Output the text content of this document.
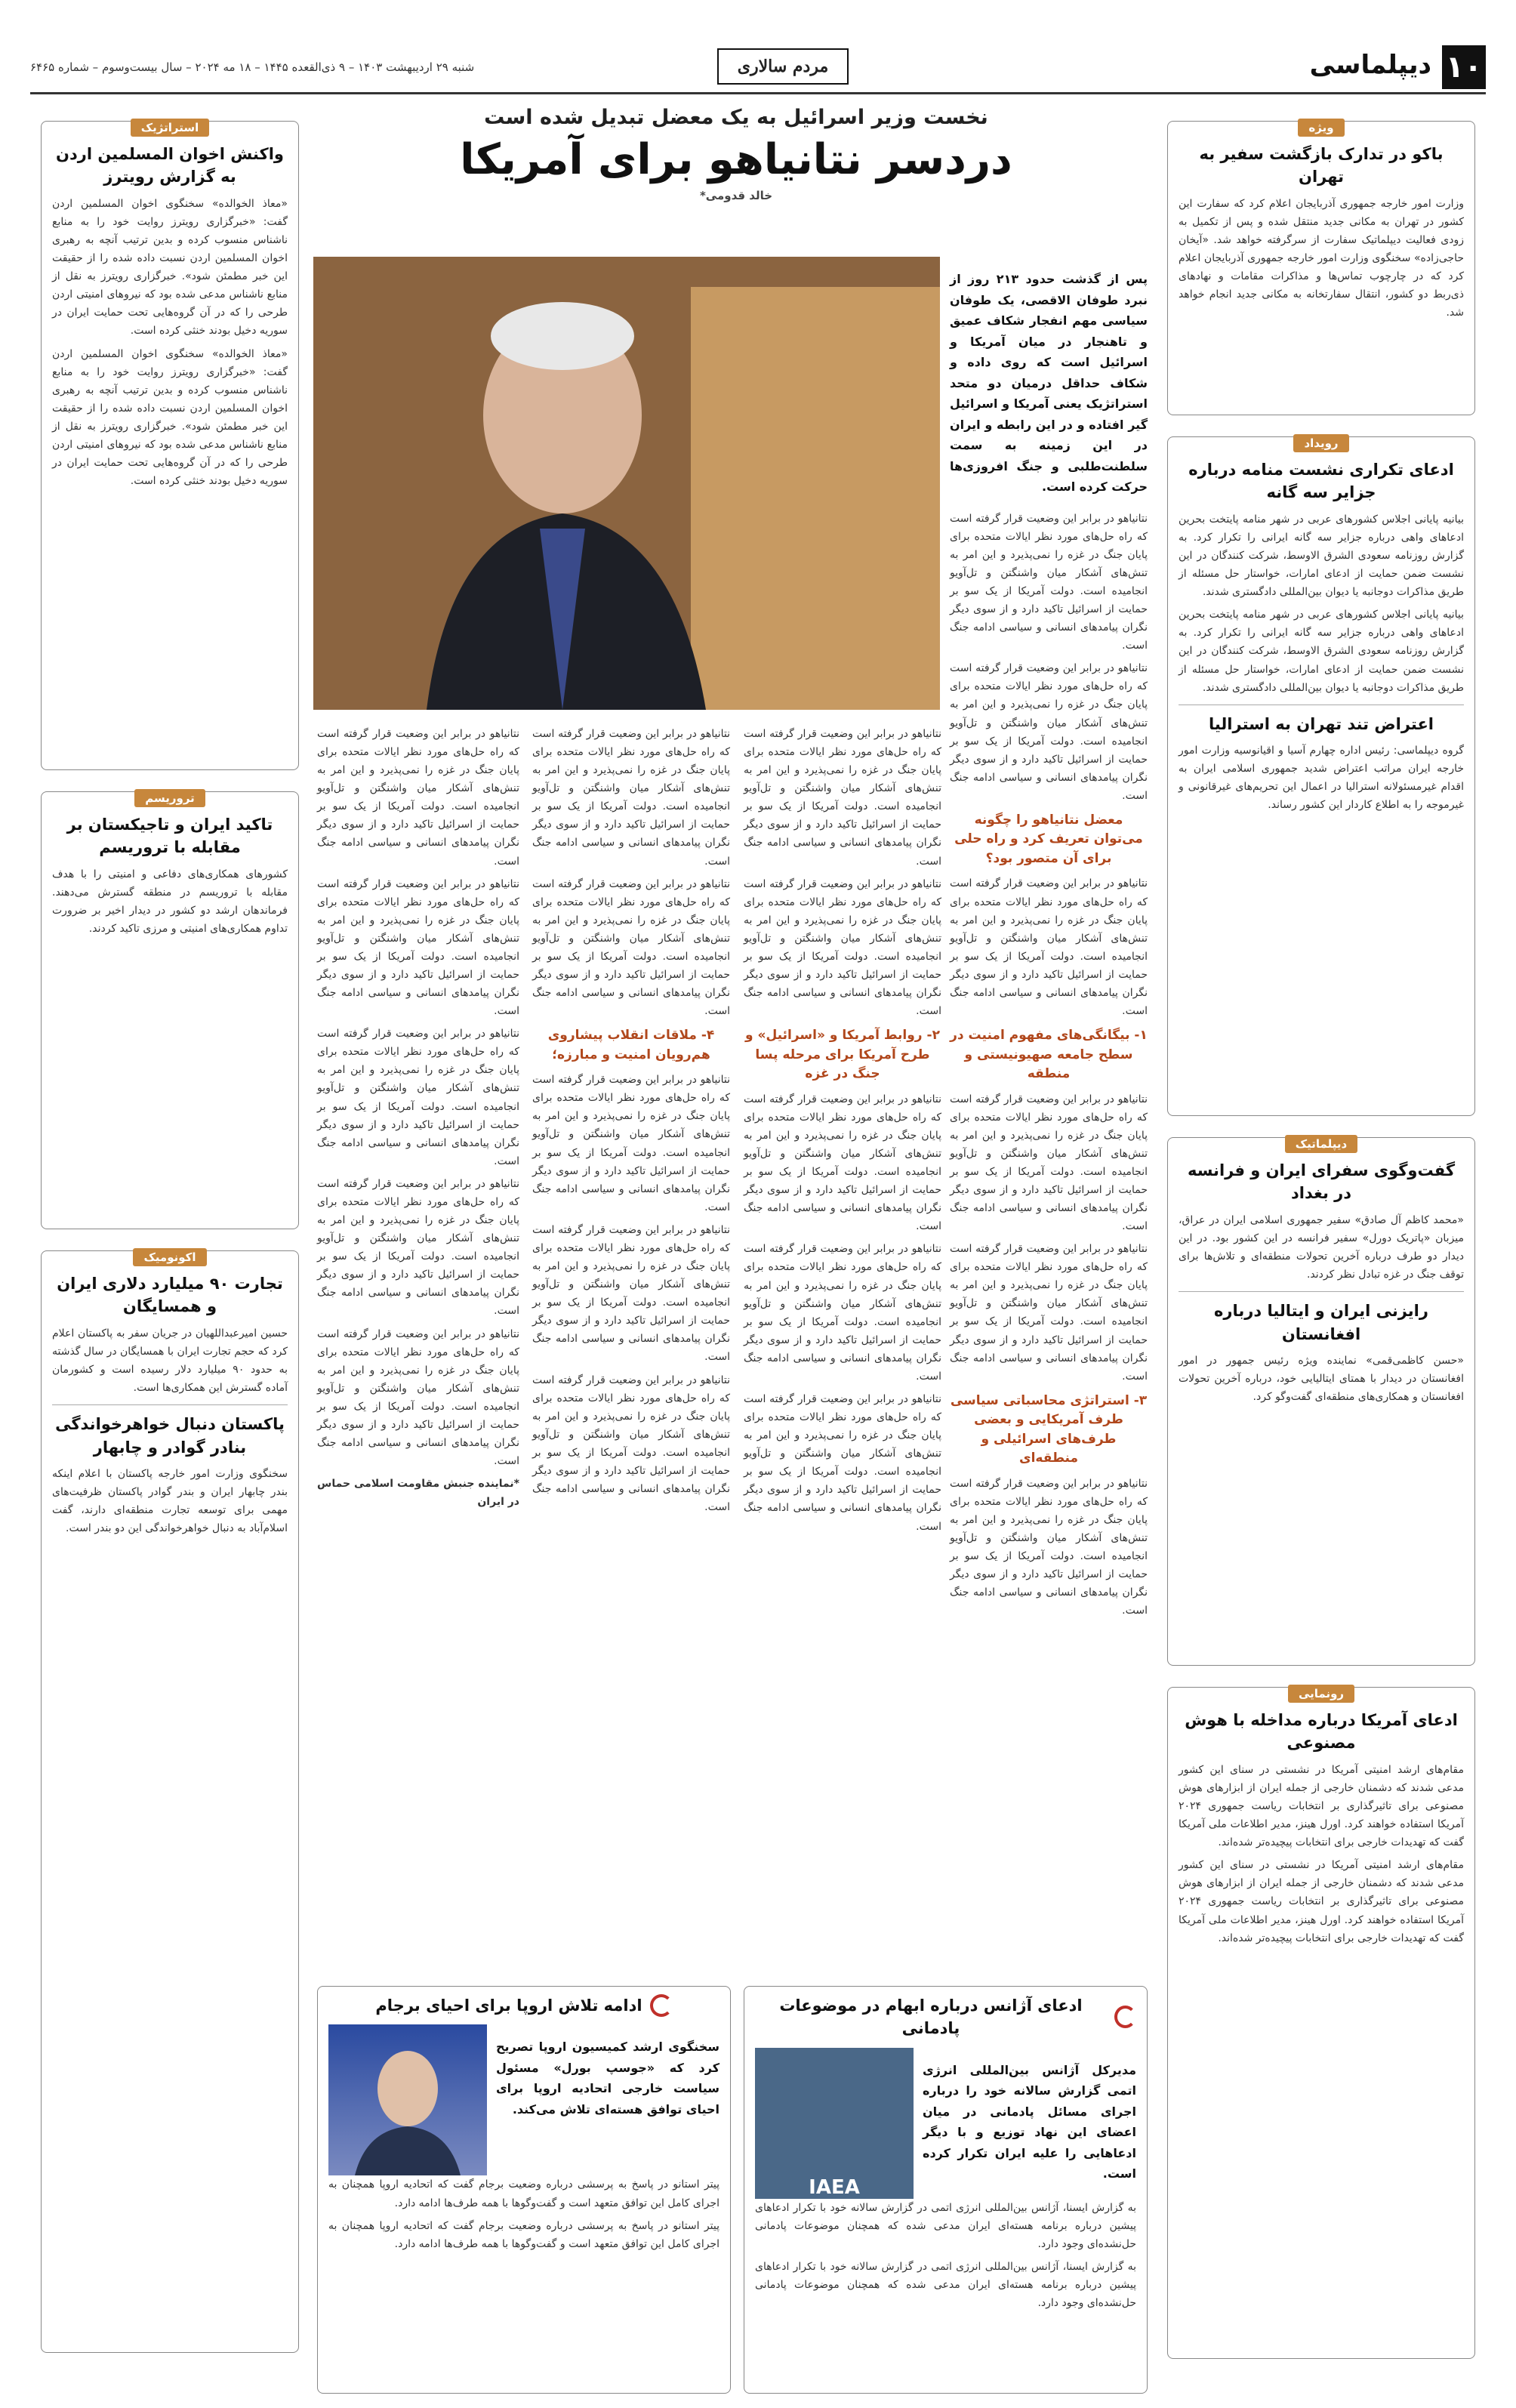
۱۰
دیپلماسی
مردم سالاری
شنبه ۲۹ اردیبهشت ۱۴۰۳ – ۹ ذی‌القعده ۱۴۴۵ – ۱۸ مه ۲۰۲۴ – سال بیست‌وسوم – شماره ۶۴۶۵
ویژه
باکو در تدارک بازگشت سفیر به تهران

وزارت امور خارجه جمهوری آذربایجان اعلام کرد که سفارت این کشور در تهران به مکانی جدید منتقل شده و پس از تکمیل به زودی فعالیت دیپلماتیک سفارت از سرگرفته خواهد شد. «آیخان حاجی‌زاده» سخنگوی وزارت امور خارجه جمهوری آذربایجان اعلام کرد که در چارچوب تماس‌ها و مذاکرات مقامات و نهادهای ذی‌ربط دو کشور، انتقال سفارتخانه به مکانی جدید انجام خواهد شد.

رویداد
ادعای تکراری نشست منامه درباره جزایر سه گانه

بیانیه پایانی اجلاس کشورهای عربی در شهر منامه پایتخت بحرین ادعاهای واهی درباره جزایر سه گانه ایرانی را تکرار کرد. به گزارش روزنامه سعودی الشرق الاوسط، شرکت کنندگان در این نشست ضمن حمایت از ادعای امارات، خواستار حل مسئله از طریق مذاکرات دوجانبه یا دیوان بین‌المللی دادگستری شدند.

بیانیه پایانی اجلاس کشورهای عربی در شهر منامه پایتخت بحرین ادعاهای واهی درباره جزایر سه گانه ایرانی را تکرار کرد. به گزارش روزنامه سعودی الشرق الاوسط، شرکت کنندگان در این نشست ضمن حمایت از ادعای امارات، خواستار حل مسئله از طریق مذاکرات دوجانبه یا دیوان بین‌المللی دادگستری شدند.

اعتراض تند تهران به استرالیا

گروه دیپلماسی: رئیس اداره چهارم آسیا و اقیانوسیه وزارت امور خارجه ایران مراتب اعتراض شدید جمهوری اسلامی ایران به اقدام غیرمسئولانه استرالیا در اعمال این تحریم‌های غیرقانونی و غیرموجه را به اطلاع کاردار این کشور رساند.

دیپلماتیک
گفت‌وگوی سفرای ایران و فرانسه در بغداد

«محمد کاظم آل صادق» سفیر جمهوری اسلامی ایران در عراق، میزبان «پاتریک دورل» سفیر فرانسه در این کشور بود. در این دیدار دو طرف درباره آخرین تحولات منطقه‌ای و تلاش‌ها برای توقف جنگ در غزه تبادل نظر کردند.

رایزنی ایران و ایتالیا درباره افغانستان

«حسن کاظمی‌قمی» نماینده ویژه رئیس جمهور در امور افغانستان در دیدار با همتای ایتالیایی خود، درباره آخرین تحولات افغانستان و همکاری‌های منطقه‌ای گفت‌وگو کرد.

رونمایی
ادعای آمریکا درباره مداخله با هوش مصنوعی

مقام‌های ارشد امنیتی آمریکا در نشستی در سنای این کشور مدعی شدند که دشمنان خارجی از جمله ایران از ابزارهای هوش مصنوعی برای تاثیرگذاری بر انتخابات ریاست جمهوری ۲۰۲۴ آمریکا استفاده خواهند کرد. اورل هینز، مدیر اطلاعات ملی آمریکا گفت که تهدیدات خارجی برای انتخابات پیچیده‌تر شده‌اند.

مقام‌های ارشد امنیتی آمریکا در نشستی در سنای این کشور مدعی شدند که دشمنان خارجی از جمله ایران از ابزارهای هوش مصنوعی برای تاثیرگذاری بر انتخابات ریاست جمهوری ۲۰۲۴ آمریکا استفاده خواهند کرد. اورل هینز، مدیر اطلاعات ملی آمریکا گفت که تهدیدات خارجی برای انتخابات پیچیده‌تر شده‌اند.

استراتژیک
واکنش اخوان المسلمین اردن به گزارش رویترز

«معاذ الخوالده» سخنگوی اخوان المسلمین اردن گفت: «خبرگزاری رویترز روایت خود را به منابع ناشناس منسوب کرده و بدین ترتیب آنچه به رهبری اخوان المسلمین اردن نسبت داده شده را از حقیقت این خبر مطمئن شود». خبرگزاری رویترز به نقل از منابع ناشناس مدعی شده بود که نیروهای امنیتی اردن طرحی را که در آن گروه‌هایی تحت حمایت ایران در سوریه دخیل بودند خنثی کرده است.

«معاذ الخوالده» سخنگوی اخوان المسلمین اردن گفت: «خبرگزاری رویترز روایت خود را به منابع ناشناس منسوب کرده و بدین ترتیب آنچه به رهبری اخوان المسلمین اردن نسبت داده شده را از حقیقت این خبر مطمئن شود». خبرگزاری رویترز به نقل از منابع ناشناس مدعی شده بود که نیروهای امنیتی اردن طرحی را که در آن گروه‌هایی تحت حمایت ایران در سوریه دخیل بودند خنثی کرده است.

تروریسم
تاکید ایران و تاجیکستان بر مقابله با تروریسم

کشورهای همکاری‌های دفاعی و امنیتی را با هدف مقابله با تروریسم در منطقه گسترش می‌دهند. فرماندهان ارشد دو کشور در دیدار اخیر بر ضرورت تداوم همکاری‌های امنیتی و مرزی تاکید کردند.

اکونومیک
تجارت ۹۰ میلیارد دلاری ایران و همسایگان

حسین امیرعبداللهیان در جریان سفر به پاکستان اعلام کرد که حجم تجارت ایران با همسایگان در سال گذشته به حدود ۹۰ میلیارد دلار رسیده است و کشورمان آماده گسترش این همکاری‌ها است.

پاکستان دنبال خواهرخواندگی بنادر گوادر و چابهار

سخنگوی وزارت امور خارجه پاکستان با اعلام اینکه بندر چابهار ایران و بندر گوادر پاکستان ظرفیت‌های مهمی برای توسعه تجارت منطقه‌ای دارند، گفت اسلام‌آباد به دنبال خواهرخواندگی این دو بندر است.

نخست وزیر اسرائیل به یک معضل تبدیل شده است
دردسر نتانیاهو برای آمریکا
خالد قدومی*

پس از گذشت حدود ۲۱۳ روز از نبرد طوفان الاقصی، یک طوفان سیاسی مهم انفجار شکاف عمیق و تاهنجار در میان آمریکا و اسرائیل است که روی داده و شکاف حداقل درمیان دو متحد استراتژیک یعنی آمریکا و اسرائیل گیر افتاده و در این رابطه و ایران در این زمینه به سمت سلطنت‌طلبی و جنگ افروزی‌ها حرکت کرده است.

نتانیاهو در برابر این وضعیت قرار گرفته است که راه حل‌های مورد نظر ایالات متحده برای پایان جنگ در غزه را نمی‌پذیرد و این امر به تنش‌های آشکار میان واشنگتن و تل‌آویو انجامیده است. دولت آمریکا از یک سو بر حمایت از اسرائیل تاکید دارد و از سوی دیگر نگران پیامدهای انسانی و سیاسی ادامه جنگ است.

نتانیاهو در برابر این وضعیت قرار گرفته است که راه حل‌های مورد نظر ایالات متحده برای پایان جنگ در غزه را نمی‌پذیرد و این امر به تنش‌های آشکار میان واشنگتن و تل‌آویو انجامیده است. دولت آمریکا از یک سو بر حمایت از اسرائیل تاکید دارد و از سوی دیگر نگران پیامدهای انسانی و سیاسی ادامه جنگ است.

معضل نتانیاهو را چگونه می‌توان تعریف کرد و راه حلی برای آن متصور بود؟

نتانیاهو در برابر این وضعیت قرار گرفته است که راه حل‌های مورد نظر ایالات متحده برای پایان جنگ در غزه را نمی‌پذیرد و این امر به تنش‌های آشکار میان واشنگتن و تل‌آویو انجامیده است. دولت آمریکا از یک سو بر حمایت از اسرائیل تاکید دارد و از سوی دیگر نگران پیامدهای انسانی و سیاسی ادامه جنگ است.

۱- بیگانگی‌های مفهوم امنیت در سطح جامعه صهیونیستی و منطقه

نتانیاهو در برابر این وضعیت قرار گرفته است که راه حل‌های مورد نظر ایالات متحده برای پایان جنگ در غزه را نمی‌پذیرد و این امر به تنش‌های آشکار میان واشنگتن و تل‌آویو انجامیده است. دولت آمریکا از یک سو بر حمایت از اسرائیل تاکید دارد و از سوی دیگر نگران پیامدهای انسانی و سیاسی ادامه جنگ است.

نتانیاهو در برابر این وضعیت قرار گرفته است که راه حل‌های مورد نظر ایالات متحده برای پایان جنگ در غزه را نمی‌پذیرد و این امر به تنش‌های آشکار میان واشنگتن و تل‌آویو انجامیده است. دولت آمریکا از یک سو بر حمایت از اسرائیل تاکید دارد و از سوی دیگر نگران پیامدهای انسانی و سیاسی ادامه جنگ است.

۳- استراتژی محاسباتی سیاسی طرف آمریکایی و بعضی طرف‌های اسرائیلی و منطقه‌ای

نتانیاهو در برابر این وضعیت قرار گرفته است که راه حل‌های مورد نظر ایالات متحده برای پایان جنگ در غزه را نمی‌پذیرد و این امر به تنش‌های آشکار میان واشنگتن و تل‌آویو انجامیده است. دولت آمریکا از یک سو بر حمایت از اسرائیل تاکید دارد و از سوی دیگر نگران پیامدهای انسانی و سیاسی ادامه جنگ است.

نتانیاهو در برابر این وضعیت قرار گرفته است که راه حل‌های مورد نظر ایالات متحده برای پایان جنگ در غزه را نمی‌پذیرد و این امر به تنش‌های آشکار میان واشنگتن و تل‌آویو انجامیده است. دولت آمریکا از یک سو بر حمایت از اسرائیل تاکید دارد و از سوی دیگر نگران پیامدهای انسانی و سیاسی ادامه جنگ است.

نتانیاهو در برابر این وضعیت قرار گرفته است که راه حل‌های مورد نظر ایالات متحده برای پایان جنگ در غزه را نمی‌پذیرد و این امر به تنش‌های آشکار میان واشنگتن و تل‌آویو انجامیده است. دولت آمریکا از یک سو بر حمایت از اسرائیل تاکید دارد و از سوی دیگر نگران پیامدهای انسانی و سیاسی ادامه جنگ است.

۲- روابط آمریکا و «اسرائیل» و طرح آمریکا برای مرحله پسا جنگ در غزه

نتانیاهو در برابر این وضعیت قرار گرفته است که راه حل‌های مورد نظر ایالات متحده برای پایان جنگ در غزه را نمی‌پذیرد و این امر به تنش‌های آشکار میان واشنگتن و تل‌آویو انجامیده است. دولت آمریکا از یک سو بر حمایت از اسرائیل تاکید دارد و از سوی دیگر نگران پیامدهای انسانی و سیاسی ادامه جنگ است.

نتانیاهو در برابر این وضعیت قرار گرفته است که راه حل‌های مورد نظر ایالات متحده برای پایان جنگ در غزه را نمی‌پذیرد و این امر به تنش‌های آشکار میان واشنگتن و تل‌آویو انجامیده است. دولت آمریکا از یک سو بر حمایت از اسرائیل تاکید دارد و از سوی دیگر نگران پیامدهای انسانی و سیاسی ادامه جنگ است.

نتانیاهو در برابر این وضعیت قرار گرفته است که راه حل‌های مورد نظر ایالات متحده برای پایان جنگ در غزه را نمی‌پذیرد و این امر به تنش‌های آشکار میان واشنگتن و تل‌آویو انجامیده است. دولت آمریکا از یک سو بر حمایت از اسرائیل تاکید دارد و از سوی دیگر نگران پیامدهای انسانی و سیاسی ادامه جنگ است.

نتانیاهو در برابر این وضعیت قرار گرفته است که راه حل‌های مورد نظر ایالات متحده برای پایان جنگ در غزه را نمی‌پذیرد و این امر به تنش‌های آشکار میان واشنگتن و تل‌آویو انجامیده است. دولت آمریکا از یک سو بر حمایت از اسرائیل تاکید دارد و از سوی دیگر نگران پیامدهای انسانی و سیاسی ادامه جنگ است.

نتانیاهو در برابر این وضعیت قرار گرفته است که راه حل‌های مورد نظر ایالات متحده برای پایان جنگ در غزه را نمی‌پذیرد و این امر به تنش‌های آشکار میان واشنگتن و تل‌آویو انجامیده است. دولت آمریکا از یک سو بر حمایت از اسرائیل تاکید دارد و از سوی دیگر نگران پیامدهای انسانی و سیاسی ادامه جنگ است.

۴- ملاقات انقلاب پیشاروی هم‌رویان امنیت و مبارزه؛

نتانیاهو در برابر این وضعیت قرار گرفته است که راه حل‌های مورد نظر ایالات متحده برای پایان جنگ در غزه را نمی‌پذیرد و این امر به تنش‌های آشکار میان واشنگتن و تل‌آویو انجامیده است. دولت آمریکا از یک سو بر حمایت از اسرائیل تاکید دارد و از سوی دیگر نگران پیامدهای انسانی و سیاسی ادامه جنگ است.

نتانیاهو در برابر این وضعیت قرار گرفته است که راه حل‌های مورد نظر ایالات متحده برای پایان جنگ در غزه را نمی‌پذیرد و این امر به تنش‌های آشکار میان واشنگتن و تل‌آویو انجامیده است. دولت آمریکا از یک سو بر حمایت از اسرائیل تاکید دارد و از سوی دیگر نگران پیامدهای انسانی و سیاسی ادامه جنگ است.

نتانیاهو در برابر این وضعیت قرار گرفته است که راه حل‌های مورد نظر ایالات متحده برای پایان جنگ در غزه را نمی‌پذیرد و این امر به تنش‌های آشکار میان واشنگتن و تل‌آویو انجامیده است. دولت آمریکا از یک سو بر حمایت از اسرائیل تاکید دارد و از سوی دیگر نگران پیامدهای انسانی و سیاسی ادامه جنگ است.

نتانیاهو در برابر این وضعیت قرار گرفته است که راه حل‌های مورد نظر ایالات متحده برای پایان جنگ در غزه را نمی‌پذیرد و این امر به تنش‌های آشکار میان واشنگتن و تل‌آویو انجامیده است. دولت آمریکا از یک سو بر حمایت از اسرائیل تاکید دارد و از سوی دیگر نگران پیامدهای انسانی و سیاسی ادامه جنگ است.

نتانیاهو در برابر این وضعیت قرار گرفته است که راه حل‌های مورد نظر ایالات متحده برای پایان جنگ در غزه را نمی‌پذیرد و این امر به تنش‌های آشکار میان واشنگتن و تل‌آویو انجامیده است. دولت آمریکا از یک سو بر حمایت از اسرائیل تاکید دارد و از سوی دیگر نگران پیامدهای انسانی و سیاسی ادامه جنگ است.

نتانیاهو در برابر این وضعیت قرار گرفته است که راه حل‌های مورد نظر ایالات متحده برای پایان جنگ در غزه را نمی‌پذیرد و این امر به تنش‌های آشکار میان واشنگتن و تل‌آویو انجامیده است. دولت آمریکا از یک سو بر حمایت از اسرائیل تاکید دارد و از سوی دیگر نگران پیامدهای انسانی و سیاسی ادامه جنگ است.

نتانیاهو در برابر این وضعیت قرار گرفته است که راه حل‌های مورد نظر ایالات متحده برای پایان جنگ در غزه را نمی‌پذیرد و این امر به تنش‌های آشکار میان واشنگتن و تل‌آویو انجامیده است. دولت آمریکا از یک سو بر حمایت از اسرائیل تاکید دارد و از سوی دیگر نگران پیامدهای انسانی و سیاسی ادامه جنگ است.

نتانیاهو در برابر این وضعیت قرار گرفته است که راه حل‌های مورد نظر ایالات متحده برای پایان جنگ در غزه را نمی‌پذیرد و این امر به تنش‌های آشکار میان واشنگتن و تل‌آویو انجامیده است. دولت آمریکا از یک سو بر حمایت از اسرائیل تاکید دارد و از سوی دیگر نگران پیامدهای انسانی و سیاسی ادامه جنگ است.

*نماینده جنبش مقاومت اسلامی حماس در ایران

ادعای آژانس درباره ابهام در موضوعات پادمانی

مدیرکل آژانس بین‌المللی انرژی اتمی گزارش سالانه خود را درباره اجرای مسائل پادمانی در میان اعضای این نهاد توزیع و با دیگر ادعاهایی را علیه ایران تکرار کرده است.

IAEA

به گزارش ایسنا، آژانس بین‌المللی انرژی اتمی در گزارش سالانه خود با تکرار ادعاهای پیشین درباره برنامه هسته‌ای ایران مدعی شده که همچنان موضوعات پادمانی حل‌نشده‌ای وجود دارد.

به گزارش ایسنا، آژانس بین‌المللی انرژی اتمی در گزارش سالانه خود با تکرار ادعاهای پیشین درباره برنامه هسته‌ای ایران مدعی شده که همچنان موضوعات پادمانی حل‌نشده‌ای وجود دارد.

ادامه تلاش اروپا برای احیای برجام

سخنگوی ارشد کمیسیون اروپا تصریح کرد که «جوسپ بورل» مسئول سیاست خارجی اتحادیه اروپا برای احیای توافق هسته‌ای تلاش می‌کند.

پیتر استانو در پاسخ به پرسشی درباره وضعیت برجام گفت که اتحادیه اروپا همچنان به اجرای کامل این توافق متعهد است و گفت‌وگوها با همه طرف‌ها ادامه دارد.

پیتر استانو در پاسخ به پرسشی درباره وضعیت برجام گفت که اتحادیه اروپا همچنان به اجرای کامل این توافق متعهد است و گفت‌وگوها با همه طرف‌ها ادامه دارد.
